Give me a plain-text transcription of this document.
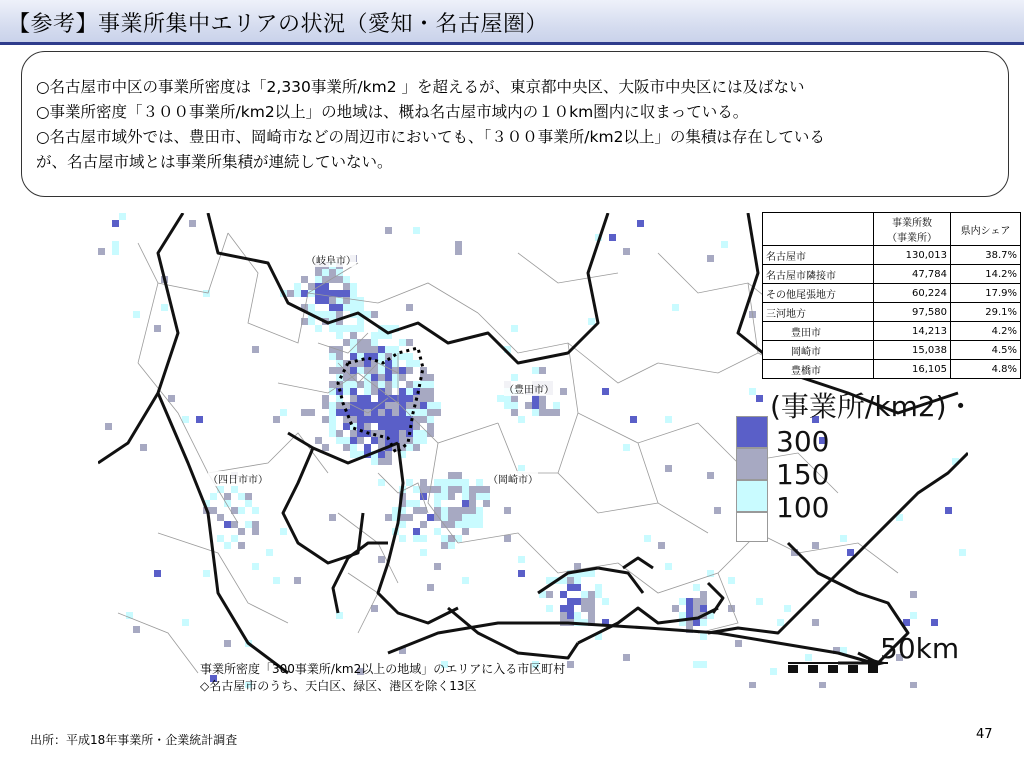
【参考】事業所集中エリアの状況（愛知・名古屋圏）
○名古屋市中区の事業所密度は「2,330事業所/km2 」を超えるが、東京都中央区、大阪市中央区には及ばない
○事業所密度「３００事業所/km2以上」の地域は、概ね名古屋市域内の１０km圏内に収まっている。
○名古屋市域外では、豊田市、岡崎市などの周辺市においても、「３００事業所/km2以上」の集積は存在している
が、名古屋市域とは事業所集積が連続していない。
（岐阜市）
（豊田市）
（四日市市）	（岡崎市）

	事業所数
（事業所）	県内シェア
名古屋市	130,013	38.7%
名古屋市隣接市	47,784	14.2%
その他尾張地方	60,224	17.9%
三河地方	97,580	29.1%
豊田市	14,213	4.2%
岡崎市	15,038	4.5%
豊橋市	16,105	4.8%
(事業所/km2)・
300
150
100
50km
事業所密度「300事業所/km2以上の地域」のエリアに入る市区町村
◇名古屋市のうち、天白区、緑区、港区を除く13区
出所：平成18年事業所・企業統計調査	47
